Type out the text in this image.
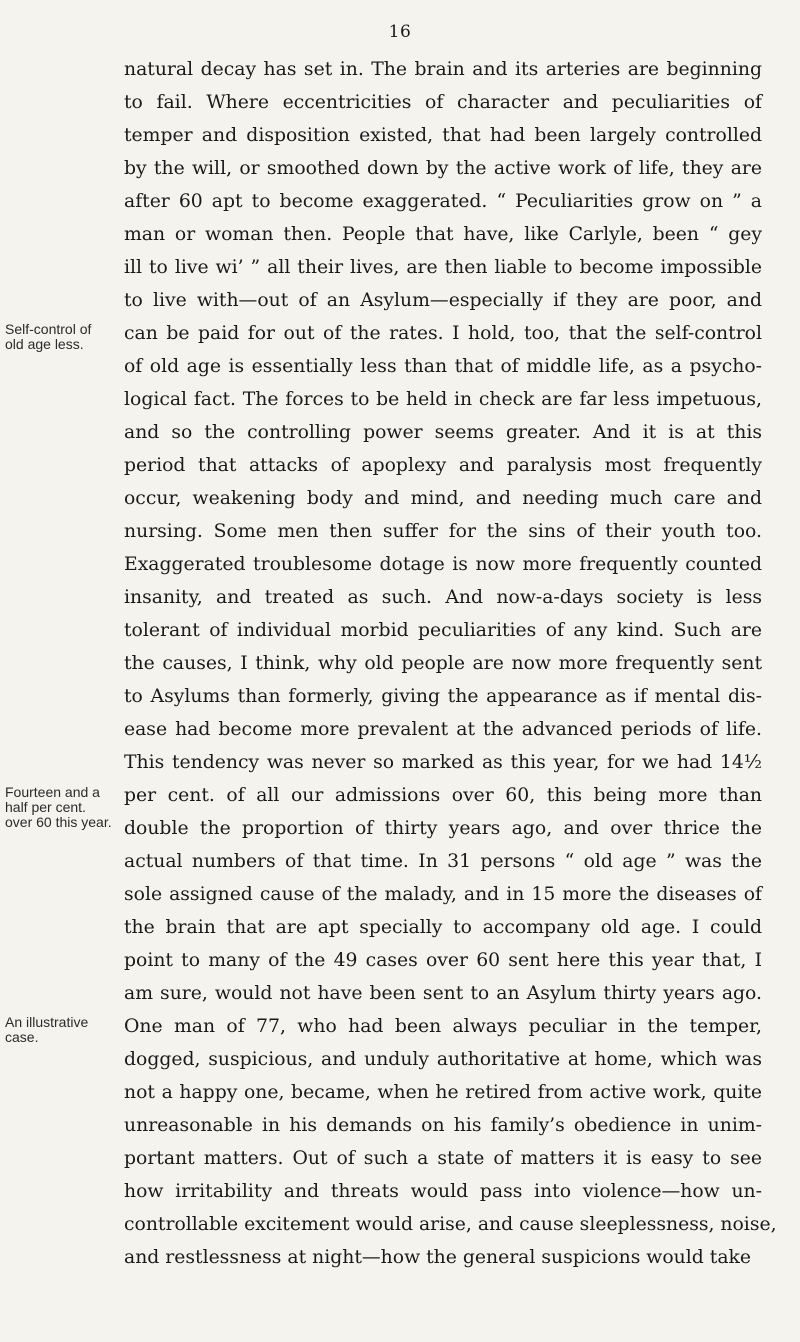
16
natural decay has set in. The brain and its arteries are beginning
to fail. Where eccentricities of character and peculiarities of
temper and disposition existed, that had been largely controlled
by the will, or smoothed down by the active work of life, they are
after 60 apt to become exaggerated. “ Peculiarities grow on ” a
man or woman then. People that have, like Carlyle, been “ gey
ill to live wi’ ” all their lives, are then liable to become impossible
to live with—out of an Asylum—especially if they are poor, and
can be paid for out of the rates. I hold, too, that the self-control
of old age is essentially less than that of middle life, as a psycho-
logical fact. The forces to be held in check are far less impetuous,
and so the controlling power seems greater. And it is at this
period that attacks of apoplexy and paralysis most frequently
occur, weakening body and mind, and needing much care and
nursing. Some men then suffer for the sins of their youth too.
Exaggerated troublesome dotage is now more frequently counted
insanity, and treated as such. And now-a-days society is less
tolerant of individual morbid peculiarities of any kind. Such are
the causes, I think, why old people are now more frequently sent
to Asylums than formerly, giving the appearance as if mental dis-
ease had become more prevalent at the advanced periods of life.
This tendency was never so marked as this year, for we had 14½
per cent. of all our admissions over 60, this being more than
double the proportion of thirty years ago, and over thrice the
actual numbers of that time. In 31 persons “ old age ” was the
sole assigned cause of the malady, and in 15 more the diseases of
the brain that are apt specially to accompany old age. I could
point to many of the 49 cases over 60 sent here this year that, I
am sure, would not have been sent to an Asylum thirty years ago.
One man of 77, who had been always peculiar in the temper,
dogged, suspicious, and unduly authoritative at home, which was
not a happy one, became, when he retired from active work, quite
unreasonable in his demands on his family’s obedience in unim-
portant matters. Out of such a state of matters it is easy to see
how irritability and threats would pass into violence—how un-
controllable excitement would arise, and cause sleeplessness, noise,
and restlessness at night—how the general suspicions would take
Self-control of
old age less.
Fourteen and a
half per cent.
over 60 this year.
An illustrative
case.
